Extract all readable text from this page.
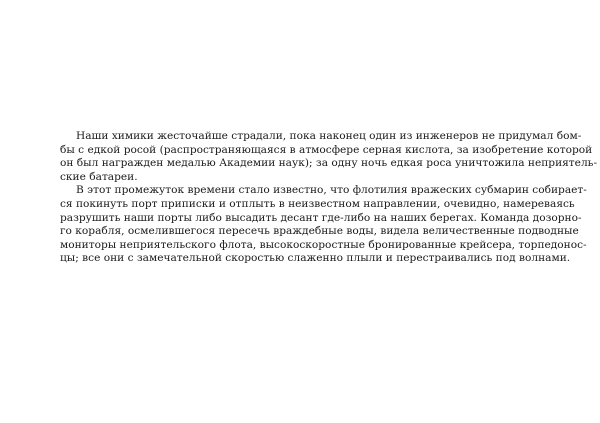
Наши химики жесточайше страдали, пока наконец один из инженеров не придумал бом-
бы с едкой росой (распространяющаяся в атмосфере серная кислота, за изобретение которой
он был награжден медалью Академии наук); за одну ночь едкая роса уничтожила неприятель-
ские батареи.
В этот промежуток времени стало известно, что флотилия вражеских субмарин собирает-
ся покинуть порт приписки и отплыть в неизвестном направлении, очевидно, намереваясь
разрушить наши порты либо высадить десант где-либо на наших берегах. Команда дозорно-
го корабля, осмелившегося пересечь враждебные воды, видела величественные подводные
мониторы неприятельского флота, высокоскоростные бронированные крейсера, торпедонос-
цы; все они с замечательной скоростью слаженно плыли и перестраивались под волнами.
